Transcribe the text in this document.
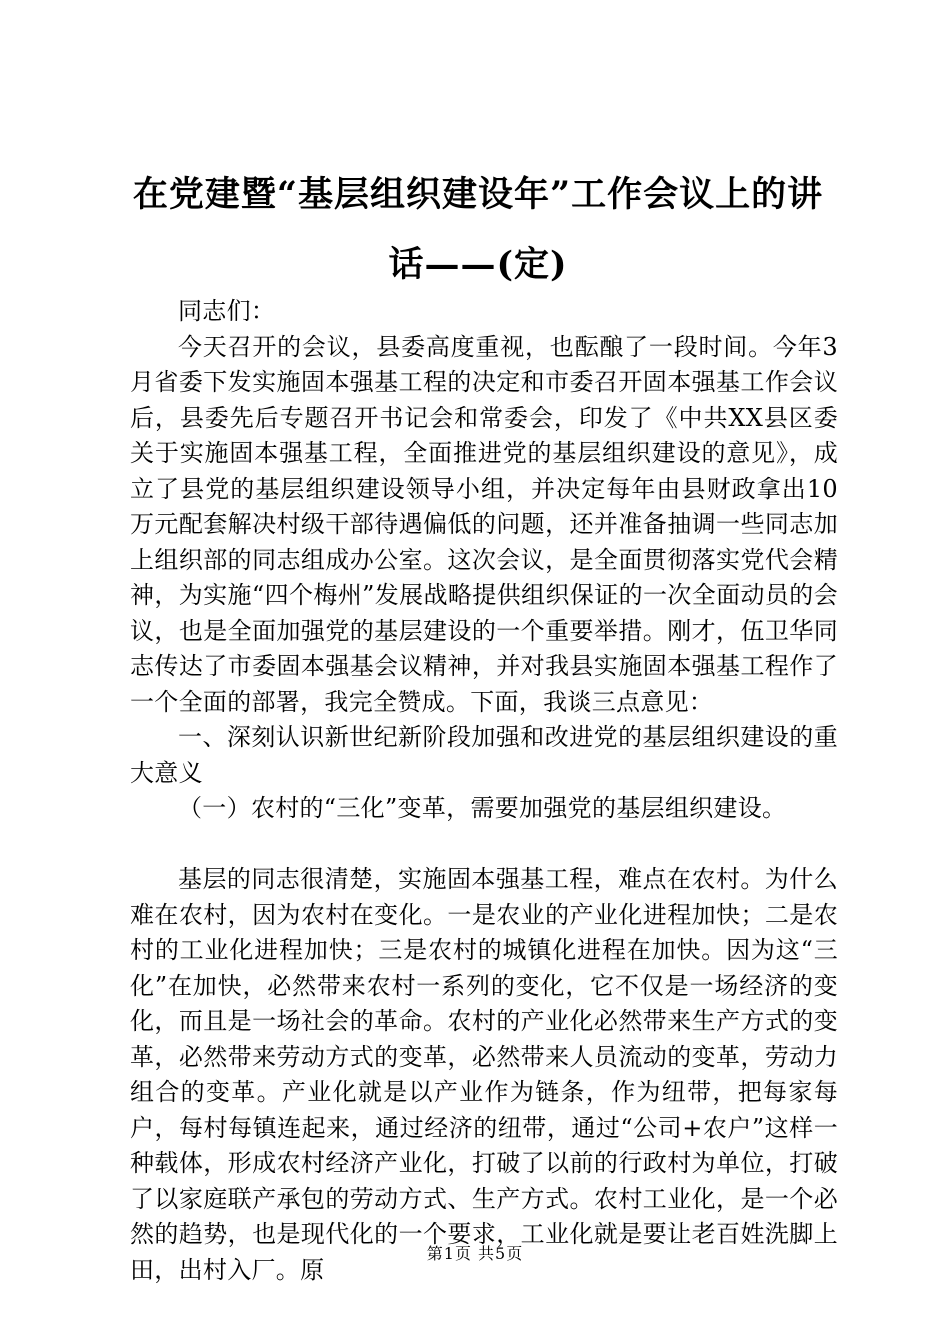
在党建暨“基层组织建设年”工作会议上的讲话——(定)

同志们：

今天召开的会议，县委高度重视，也酝酿了一段时间。今年3月省委下发实施固本强基工程的决定和市委召开固本强基工作会议后，县委先后专题召开书记会和常委会，印发了《中共XX县区委关于实施固本强基工程，全面推进党的基层组织建设的意见》，成立了县党的基层组织建设领导小组，并决定每年由县财政拿出10万元配套解决村级干部待遇偏低的问题，还并准备抽调一些同志加上组织部的同志组成办公室。这次会议，是全面贯彻落实党代会精神，为实施“四个梅州”发展战略提供组织保证的一次全面动员的会议，也是全面加强党的基层建设的一个重要举措。刚才，伍卫华同志传达了市委固本强基会议精神，并对我县实施固本强基工程作了一个全面的部署，我完全赞成。下面，我谈三点意见：

一、深刻认识新世纪新阶段加强和改进党的基层组织建设的重大意义

（一）农村的“三化”变革，需要加强党的基层组织建设。

基层的同志很清楚，实施固本强基工程，难点在农村。为什么难在农村，因为农村在变化。一是农业的产业化进程加快；二是农村的工业化进程加快；三是农村的城镇化进程在加快。因为这“三化”在加快，必然带来农村一系列的变化，它不仅是一场经济的变化，而且是一场社会的革命。农村的产业化必然带来生产方式的变革，必然带来劳动方式的变革，必然带来人员流动的变革，劳动力组合的变革。产业化就是以产业作为链条，作为纽带，把每家每户，每村每镇连起来，通过经济的纽带，通过“公司+农户”这样一种载体，形成农村经济产业化，打破了以前的行政村为单位，打破了以家庭联产承包的劳动方式、生产方式。农村工业化，是一个必然的趋势，也是现代化的一个要求，工业化就是要让老百姓洗脚上田，出村入厂。原

第1页 共5页
